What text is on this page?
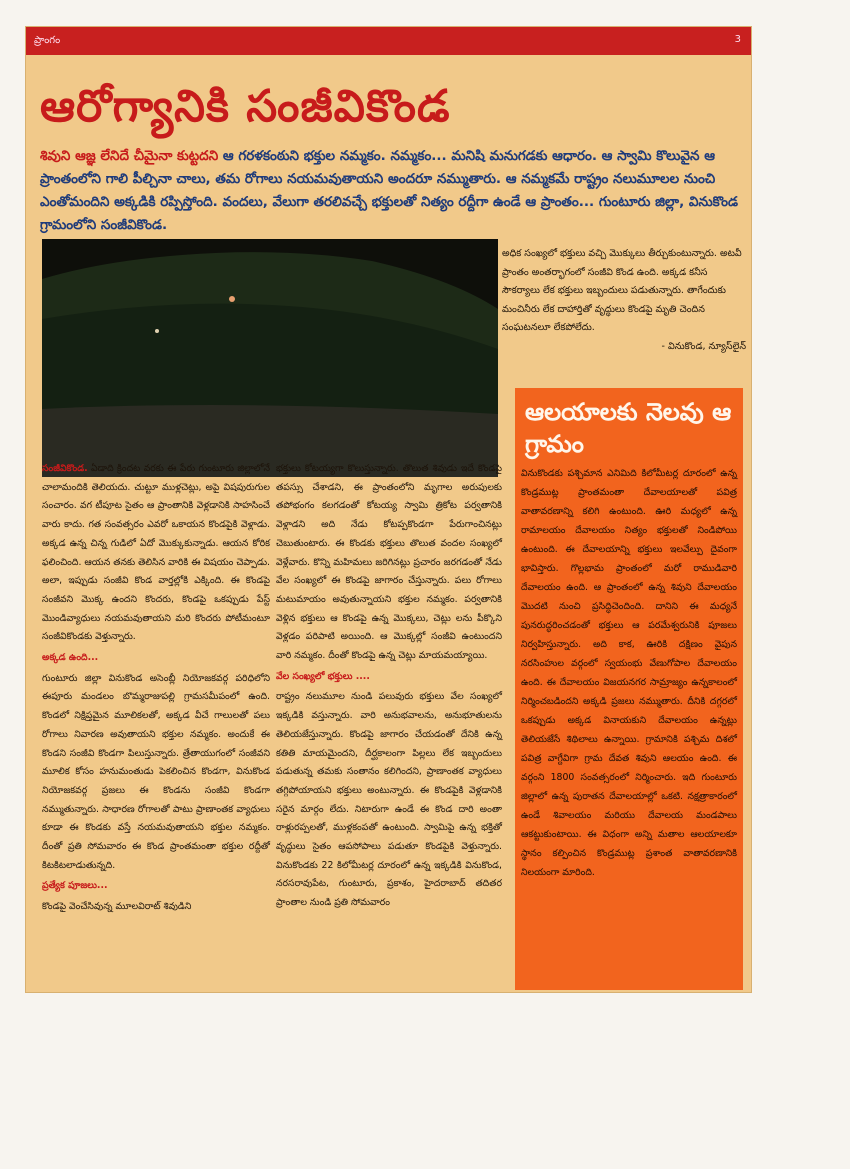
ప్రాంగం	3
ఆరోగ్యానికి సంజీవికొండ
శివుని ఆజ్ఞ లేనిదే చీమైనా కుట్టదని ఆ గరళకంఠుని భక్తుల నమ్మకం. నమ్మకం... మనిషి మనుగడకు ఆధారం. ఆ స్వామి కొలువైన ఆ ప్రాంతంలోని గాలి పీల్చినా చాలు, తమ రోగాలు నయమవుతాయని అందరూ నమ్ముతారు. ఆ నమ్మకమే రాష్ట్రం నలుమూలల నుంచి ఎంతోమందిని అక్కడికి రప్పిస్తోంది. వందలు, వేలుగా తరలివచ్చే భక్తులతో నిత్యం రద్దీగా ఉండే ఆ ప్రాంతం... గుంటూరు జిల్లా, వినుకొండ గ్రామంలోని సంజీవికొండ.
అధిక సంఖ్యలో భక్తులు వచ్చి మొక్కులు తీర్చుకుంటున్నారు. అటవీ ప్రాంతం అంతర్భాగంలో సంజీవి కొండ ఉంది. అక్కడ కనీస సౌకర్యాలు లేక భక్తులు ఇబ్బందులు పడుతున్నారు. తాగేందుకు మంచినీరు లేక దాహార్తితో వృద్ధులు కొండపై మృతి చెందిన సంఘటనలూ లేకపోలేదు.
- వినుకొండ, న్యూస్‌లైన్

సంజీవికొండ. ఏడాది క్రిందట వరకు ఈ పేరు గుంటూరు జిల్లాలోనే చాలామందికి తెలియదు. చుట్టూ ముళ్లచెట్లు, అపై విషపురుగుల సంచారం. వగ టీపూట సైతం ఆ ప్రాంతానికి వెళ్లడానికి సాహసించే వారు కాదు. గత సంవత్సరం ఎవరో ఒకాయన కొండపైకి వెళ్లాడు. అక్కడ ఉన్న చిన్న గుడిలో ఏదో మొక్కుకున్నాడు. ఆయన కోరిక ఫలించింది. ఆయన తనకు తెలిసిన వారికి ఈ విషయం చెప్పాడు. అలా, ఇప్పుడు సంజీవి కొండ వార్తల్లోకి ఎక్కింది. ఈ కొండపై సంజీవని మొక్క ఉందని కొందరు, కొండపై ఒకప్పుడు పేస్ట్ మొండివ్యాధులు నయమవుతాయని మరి కొందరు పోటీమంటూ సంజీవికొండకు వెళ్తున్నారు.

అక్కడ ఉంది...

గుంటూరు జిల్లా వినుకొండ అసెంబ్లీ నియోజకవర్గ పరిధిలోని ఈపూరు మండలం బొమ్మరాజుపల్లి గ్రామసమీపంలో ఉంది. కొండలో నిక్షిప్తమైన మూలికలతో, అక్కడ వీచే గాలులతో పలు రోగాలు నివారణ అవుతాయని భక్తుల నమ్మకం. అందుకే ఈ కొండని సంజీవి కొండగా పిలుస్తున్నారు. త్రేతాయుగంలో సంజీవని మూలిక కోసం హనుమంతుడు పెకలించిన కొండగా, వినుకొండ నియోజకవర్గ ప్రజలు ఈ కొండను సంజీవి కొండగా నమ్ముతున్నారు. సాధారణ రోగాలతో పాటు ప్రాణాంతక వ్యాధులు కూడా ఈ కొండకు వస్తే నయమవుతాయని భక్తుల నమ్మకం. దీంతో ప్రతి సోమవారం ఈ కొండ ప్రాంతమంతా భక్తుల రద్దీతో కిటకిటలాడుతున్నది.

ప్రత్యేక పూజలు...

కొండపై వెంచేసివున్న మూలవిరాట్ శివుడిని

భక్తులు కోటయ్యగా కొలుస్తున్నారు. తొలుత శివుడు ఇదే కొండపై తపస్సు చేశాడని, ఈ ప్రాంతంలోని మృగాల అరుపులకు తపోభంగం కలగడంతో కోటయ్య స్వామి త్రికోట పర్వతానికి వెళ్లాడని అది నేడు కోటప్పకొండగా పేరుగాంచినట్లు చెబుతుంటారు. ఈ కొండకు భక్తులు తొలుత వందల సంఖ్యలో వెళ్లేవారు. కొన్ని మహిమలు జరిగినట్లు ప్రచారం జరగడంతో నేడు వేల సంఖ్యలో ఈ కొండపై జాగారం చేస్తున్నారు. పలు రోగాలు మటుమాయం అవుతున్నాయని భక్తుల నమ్మకం. పర్వతానికి వెళ్లిన భక్తులు ఆ కొండపై ఉన్న మొక్కలు, చెట్లు లను పీక్కొని వెళ్లడం పరిపాటి అయింది. ఆ మొక్కల్లో సంజీవి ఉంటుందని వారి నమ్మకం. దీంతో కొండపై ఉన్న చెట్లు మాయమయ్యాయి.

వేల సంఖ్యలో భక్తులు ....

రాష్ట్రం నలుమూల నుండి పలువురు భక్తులు వేల సంఖ్యలో ఇక్కడికి వస్తున్నారు. వారి అనుభవాలను, అనుభూతులను తెలియజేస్తున్నారు. కొండపై జాగారం చేయడంతో దేనికి ఉన్న కతితి మాయమైందని, దీర్ఘకాలంగా పిల్లలు లేక ఇబ్బందులు పడుతున్న తమకు సంతానం కలిగిందని, ప్రాణాంతక వ్యాధులు తగ్గిపోయాయని భక్తులు అంటున్నారు. ఈ కొండపైకి వెళ్లడానికి సరైన మార్గం లేదు. నిటారుగా ఉండే ఈ కొండ దారి అంతా రాళ్లురప్పలతో, ముళ్లకంపతో ఉంటుంది. స్వామిపై ఉన్న భక్తితో వృద్ధులు సైతం ఆపసోపాలు పడుతూ కొండపైకి వెళ్తున్నారు. వినుకొండకు 22 కిలోమీటర్ల దూరంలో ఉన్న ఇక్కడికి వినుకొండ, నరసరావుపేట, గుంటూరు, ప్రకాశం, హైదరాబాద్ తదితర ప్రాంతాల నుండి ప్రతి సోమవారం

ఆలయాలకు నెలవు ఆ గ్రామం
వినుకొండకు పశ్చిమాన ఎనిమిది కిలోమీటర్ల దూరంలో ఉన్న కొండ్రముట్ల ప్రాంతమంతా దేవాలయాలతో పవిత్ర వాతావరణాన్ని కలిగి ఉంటుంది. ఊరి మధ్యలో ఉన్న రామాలయం దేవాలయం నిత్యం భక్తులతో నిండిపోయి ఉంటుంది. ఈ దేవాలయాన్ని భక్తులు ఇలవేల్పు దైవంగా భావిస్తారు. గొల్లభామ ప్రాంతంలో మరో రాముడివారి దేవాలయం ఉంది. ఆ ప్రాంతంలో ఉన్న శివుని దేవాలయం మొదటి నుంచి ప్రసిద్ధిచెందింది. దానిని ఈ మధ్యనే పునరుద్ధరించడంతో భక్తులు ఆ పరమేశ్వరునికి పూజలు నిర్వహిస్తున్నారు. అది కాక, ఊరికి దక్షిణం వైపున నరసింహుల వర్గంలో స్వయంభు వేణుగోపాల దేవాలయం ఉంది. ఈ దేవాలయం విజయనగర సామ్రాజ్యం ఉన్నకాలంలో నిర్మించబడిందని అక్కడి ప్రజలు నమ్ముతారు. దీనికి దగ్గరలో ఒకప్పుడు అక్కడ వినాయకుని దేవాలయం ఉన్నట్లు తెలియజేసే శిథిలాలు ఉన్నాయి. గ్రామానికి పశ్చిమ దిశలో పవిత్ర వాగ్దేవిగా గ్రామ దేవత శివుని ఆలయం ఉంది. ఈ వర్గంని 1800 సంవత్సరంలో నిర్మించారు. ఇది గుంటూరు జిల్లాలో ఉన్న పురాతన దేవాలయాల్లో ఒకటి. నక్షత్రాకారంలో ఉండే శివాలయం మరియు దేవాలయ మండపాలు ఆకట్టుకుంటాయి. ఈ విధంగా అన్ని మతాల ఆలయాలకూ స్థానం కల్పించిన కొండ్రముట్ల ప్రశాంత వాతావరణానికి నిలయంగా మారింది.
